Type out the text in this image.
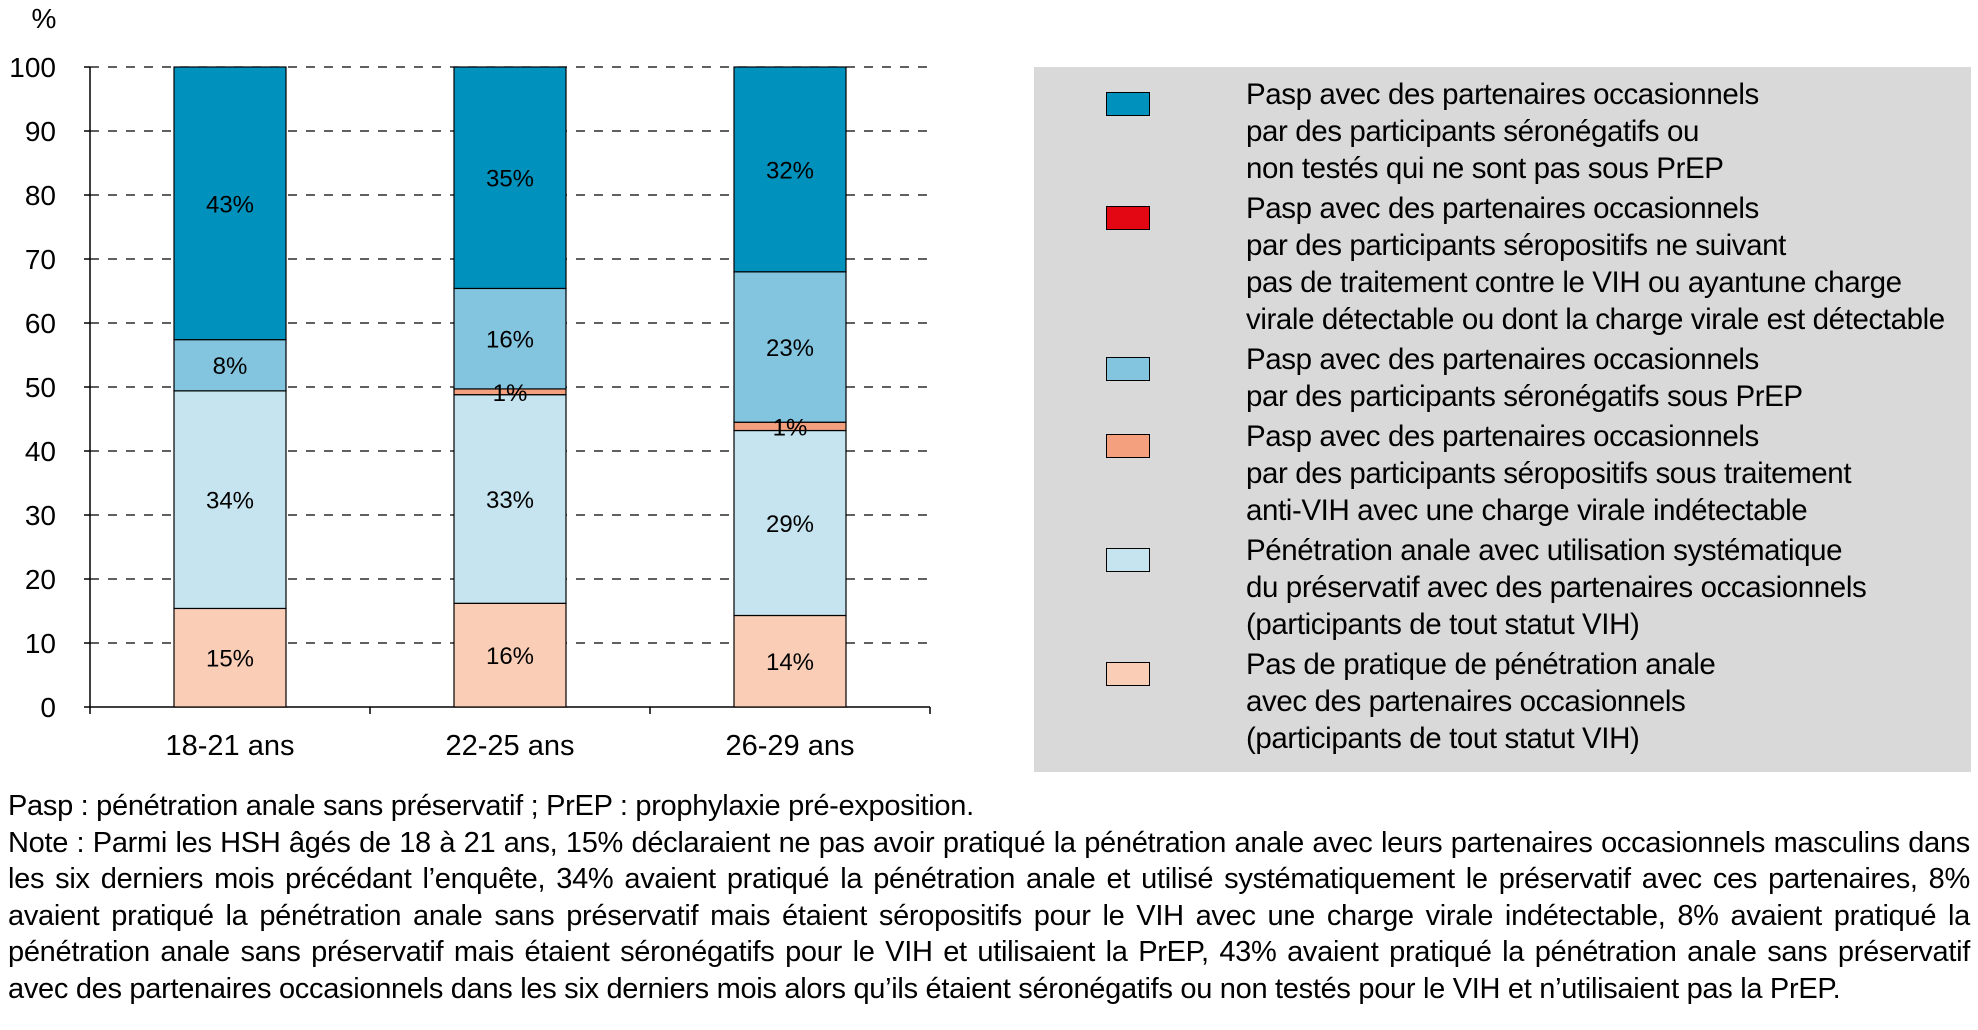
%
0
10
20
30
40
50
60
70
80
90
100
18-21 ans	22-25 ans	26-29 ans
15%
34%
8%
43%
16%
33%
1%
16%
35%
14%
29%
1%
23%
32%
Pasp avec des partenaires occasionnels
par des participants séronégatifs ou
non testés qui ne sont pas sous PrEP
Pasp avec des partenaires occasionnels
par des participants séropositifs ne suivant
pas de traitement contre le VIH ou ayantune charge
virale détectable ou dont la charge virale est détectable
Pasp avec des partenaires occasionnels
par des participants séronégatifs sous PrEP
Pasp avec des partenaires occasionnels
par des participants séropositifs sous traitement
anti-VIH avec une charge virale indétectable
Pénétration anale avec utilisation systématique
du préservatif avec des partenaires occasionnels
(participants de tout statut VIH)
Pas de pratique de pénétration anale
avec des partenaires occasionnels
(participants de tout statut VIH)

Pasp : pénétration anale sans préservatif ; PrEP : prophylaxie pré-exposition.

Note : Parmi les HSH âgés de 18 à 21 ans, 15% déclaraient ne pas avoir pratiqué la pénétration anale avec leurs partenaires occasionnels masculins dans les six derniers mois précédant l’enquête, 34% avaient pratiqué la pénétration anale et utilisé systématiquement le préservatif avec ces partenaires, 8% avaient pratiqué la pénétration anale sans préservatif mais étaient séropositifs pour le VIH avec une charge virale indétectable, 8% avaient pratiqué la pénétration anale sans préservatif mais étaient séronégatifs pour le VIH et utilisaient la PrEP, 43% avaient pratiqué la pénétration anale sans préservatif avec des partenaires occasionnels dans les six derniers mois alors qu’ils étaient séronégatifs ou non testés pour le VIH et n’utilisaient pas la PrEP.
